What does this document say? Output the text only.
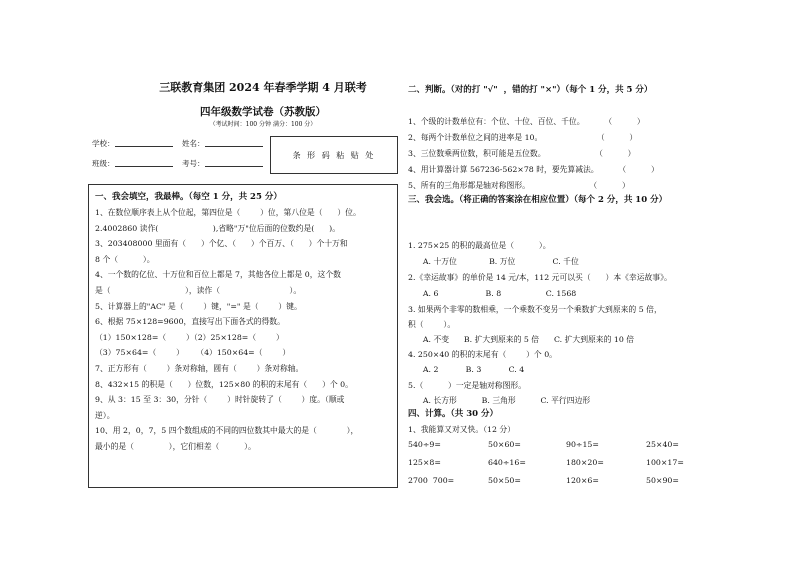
三联教育集团 2024 年春季学期 4 月联考
四年级数学试卷（苏教版）
（考试时间：100 分钟 满分：100 分）
学校：	姓名：
班级：	考号：
条 形 码 粘 贴 处
一、我会填空，我最棒。（每空 1 分，共 25 分）
1、在数位顺序表上从个位起，第四位是（        ）位，第八位是（      ）位。
2.4002860 读作(                      ),省略"万"位后面的位数约是(      )。
3、203408000 里面有（      ）个亿、（      ）个百万、（      ）个十万和
8 个（          ）。
4、一个数的亿位、十万位和百位上都是 7，其他各位上都是 0，这个数
是（                              ），读作（                            ）。
5、计算器上的"AC" 是（        ）键，"=" 是（        ）键。
6、根据 75×128=9600，直接写出下面各式的得数。
（1）150×128=（        ）（2）25×128=（        ）
（3）75×64=（        ）     （4）150×64=（        ）
7、正方形有（        ）条对称轴，圆有（        ）条对称轴。
8、432×15 的积是（      ）位数，125×80 的积的末尾有（      ）个 0。
9、从 3：15 至 3：30，分针（        ）时针旋转了（        ）度。（顺或
逆）。
10、用 2，0，7，5 四个数组成的不同的四位数其中最大的是（            ），
最小的是（              ），它们相差（          ）。
二、判断。（对的打 "√"  ，错的打 "×"）（每个 1 分，共 5 分）
1、个级的计数单位有：个位、十位、百位、千位。        （          ）
2、每两个计数单位之间的进率是 10。                      （          ）
3、三位数乘两位数，积可能是五位数。                    （          ）
4、用计算器计算 567236-562×78 时，要先算减法。        （          ）
5、所有的三角形都是轴对称图形。                        （          ）
三、我会选。（将正确的答案涂在相应位置）（每个 2 分，共 10 分）
1. 275×25 的积的最高位是（          ）。
A. 十万位             B. 万位               C. 千位
2.《幸运故事》的单价是 14 元/本，112 元可以买（      ）本《幸运故事》。
A. 6                   B. 8                  C. 1568
3. 如果两个非零的数相乘，一个乘数不变另一个乘数扩大到原来的 5 倍，
积（        ）。
A. 不变      B. 扩大到原来的 5 倍      C. 扩大到原来的 10 倍
4. 250×40 的积的末尾有（        ）个 0。
A. 2           B. 3           C. 4
5.（          ）一定是轴对称图形。
A. 长方形          B. 三角形          C. 平行四边形
四、计算。（共 30 分）
1、我能算又对又快。（12 分）
540÷9=	50×60=	90÷15=	25×40=
125×8=	640÷16=	180×20=	100×17=
2700  700=	50×50=	120×6=	50×90=
